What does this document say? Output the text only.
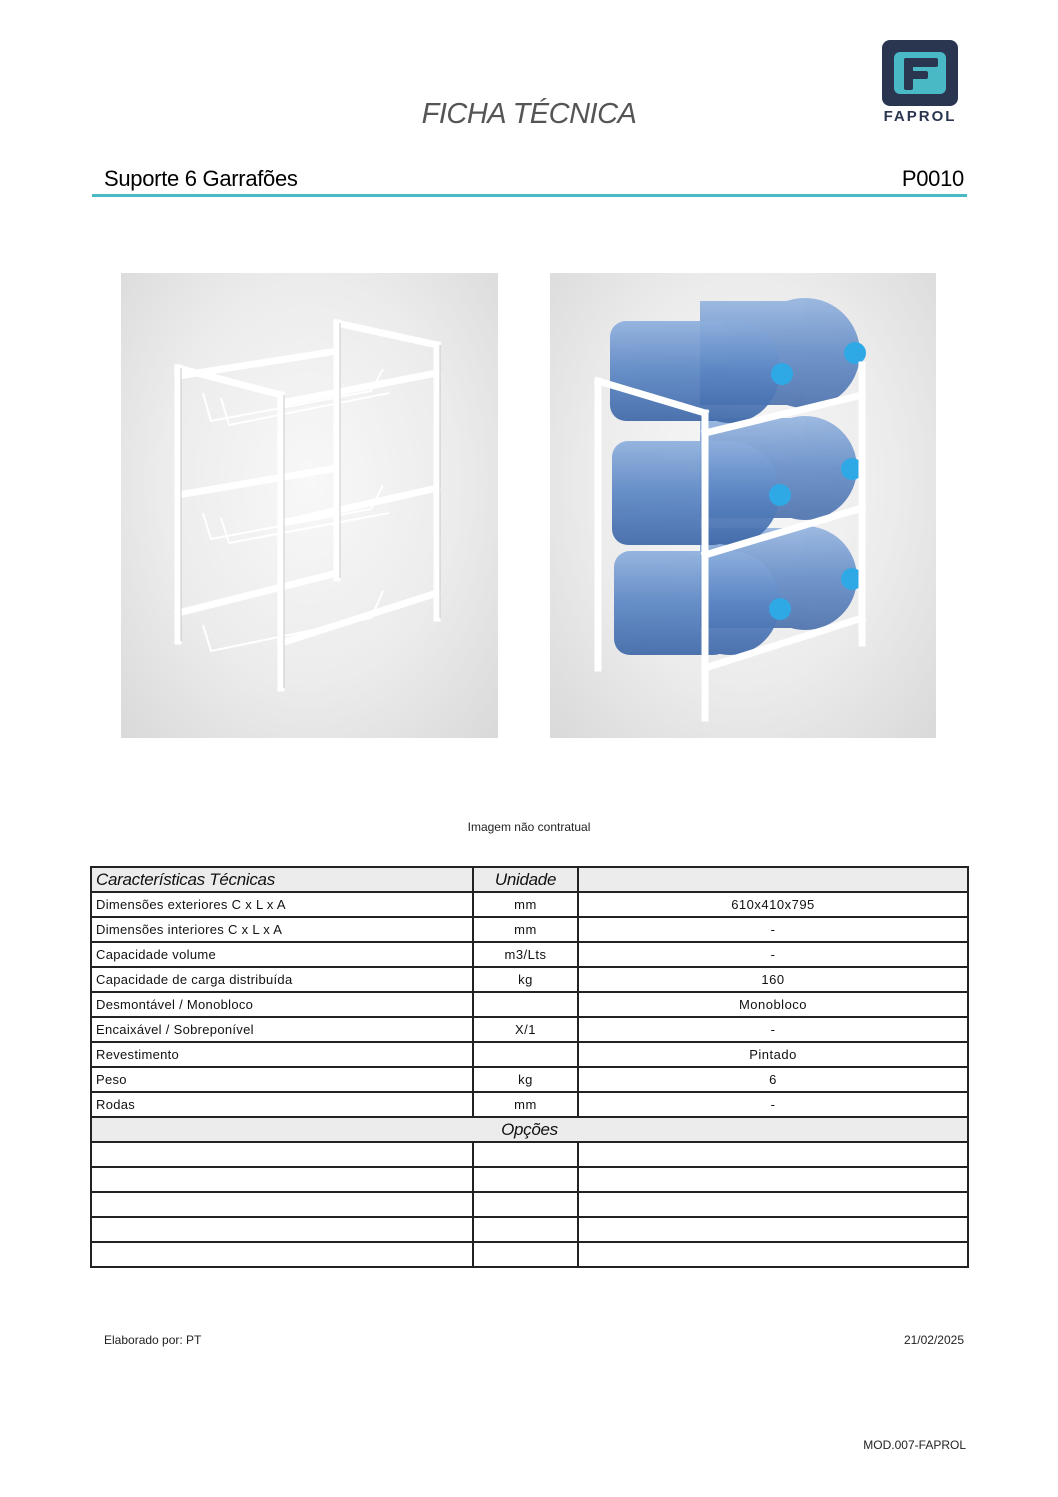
FICHA TÉCNICA	FAPROL
Suporte 6 Garrafões	P0010
Imagem não contratual
Características Técnicas	Unidade	
Dimensões exteriores C x L x A	mm	610x410x795
Dimensões interiores C x L x A	mm	-
Capacidade volume	m3/Lts	-
Capacidade de carga distribuída	kg	160
Desmontável / Monobloco		Monobloco
Encaixável / Sobreponível	X/1	-
Revestimento		Pintado
Peso	kg	6
Rodas	mm	-
Opções		

Elaborado por: PT	21/02/2025
MOD.007-FAPROL
